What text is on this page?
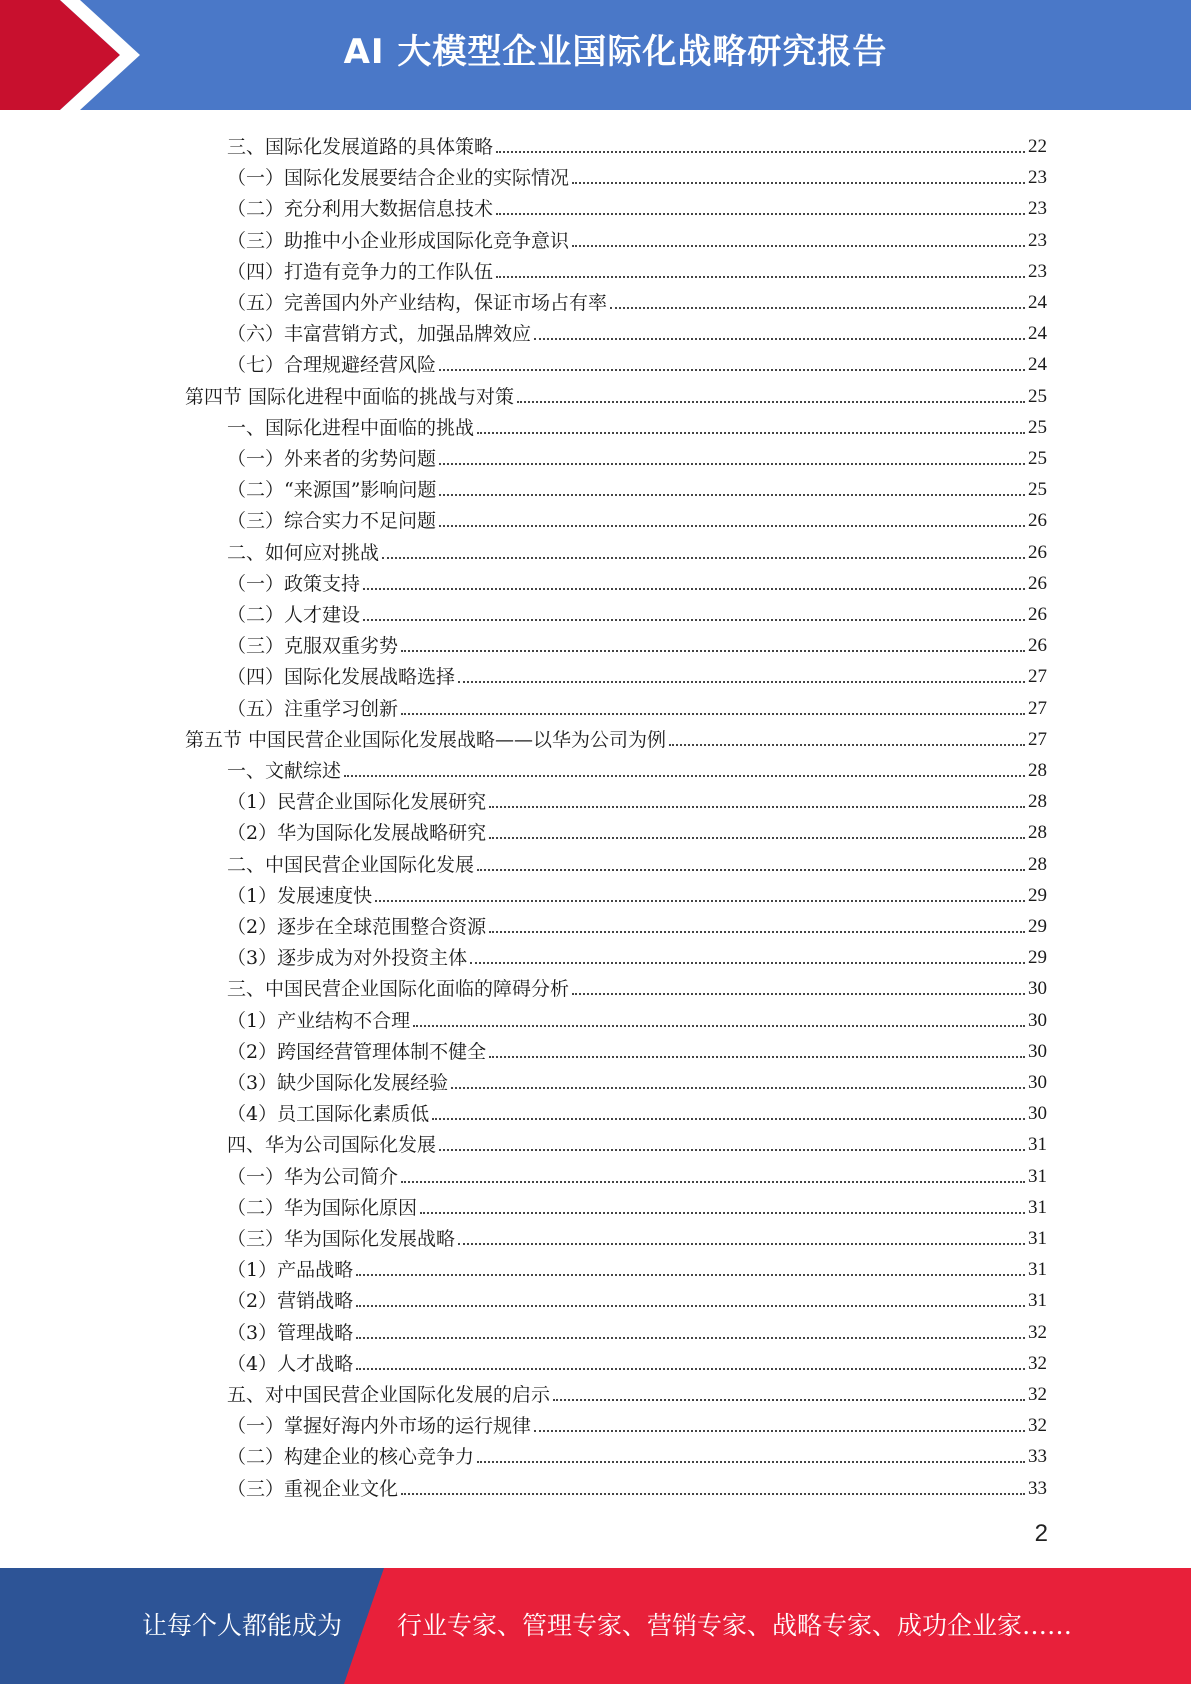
AI 大模型企业国际化战略研究报告
三、国际化发展道路的具体策略	22
（一）国际化发展要结合企业的实际情况	23
（二）充分利用大数据信息技术	23
（三）助推中小企业形成国际化竞争意识	23
（四）打造有竞争力的工作队伍	23
（五）完善国内外产业结构，保证市场占有率	24
（六）丰富营销方式，加强品牌效应	24
（七）合理规避经营风险	24
第四节 国际化进程中面临的挑战与对策	25
一、国际化进程中面临的挑战	25
（一）外来者的劣势问题	25
（二）“来源国”影响问题	25
（三）综合实力不足问题	26
二、如何应对挑战	26
（一）政策支持	26
（二）人才建设	26
（三）克服双重劣势	26
（四）国际化发展战略选择	27
（五）注重学习创新	27
第五节 中国民营企业国际化发展战略——以华为公司为例	27
一、文献综述	28
（1）民营企业国际化发展研究	28
（2）华为国际化发展战略研究	28
二、中国民营企业国际化发展	28
（1）发展速度快	29
（2）逐步在全球范围整合资源	29
（3）逐步成为对外投资主体	29
三、中国民营企业国际化面临的障碍分析	30
（1）产业结构不合理	30
（2）跨国经营管理体制不健全	30
（3）缺少国际化发展经验	30
（4）员工国际化素质低	30
四、华为公司国际化发展	31
（一）华为公司简介	31
（二）华为国际化原因	31
（三）华为国际化发展战略	31
（1）产品战略	31
（2）营销战略	31
（3）管理战略	32
（4）人才战略	32
五、对中国民营企业国际化发展的启示	32
（一）掌握好海内外市场的运行规律	32
（二）构建企业的核心竞争力	33
（三）重视企业文化	33
2
让每个人都能成为 行业专家、管理专家、营销专家、战略专家、成功企业家……
